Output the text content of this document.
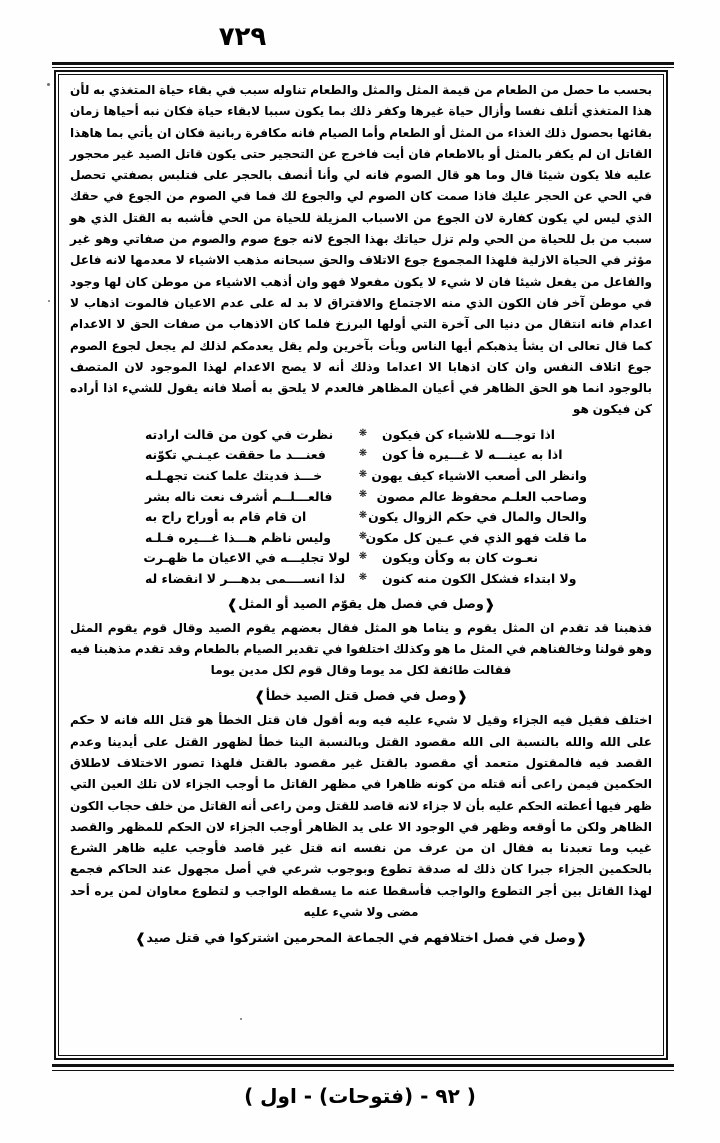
٧٢٩

بحسب ما حصل من الطعام من قيمة المثل والمثل والطعام تناوله سبب في بقاء حياة المتغذي به لأن هذا المتغذي أتلف نفسا وأزال حياة غيرها وكفر ذلك بما يكون سببا لابقاء حياة فكان نبه أحياها زمان بقائها بحصول ذلك الغذاء من المثل أو الطعام وأما الصيام فانه مكافرة ربانية فكان ان يأتي بما هاهذا القاتل ان لم يكفر بالمثل أو بالاطعام فان أيت فاخرج عن التحجير حتى يكون قاتل الصيد غير محجور عليه فلا يكون شيئا قال وما هو قال الصوم فانه لي وأنا أنصف بالحجر على فتلبس بصفتي تحصل في الحي عن الحجر عليك فاذا صمت كان الصوم لي والجوع لك فما في الصوم من الجوع في حقك الذي ليس لي يكون كفارة لان الجوع من الاسباب المزيلة للحياة من الحي فأشبه به القتل الذي هو سبب من بل للحياة من الحي ولم تزل حياتك بهذا الجوع لانه جوع صوم والصوم من صفاتي وهو غير مؤثر في الحياة الازلية فلهذا المجموع جوع الاتلاف والحق سبحانه مذهب الاشياء لا معدمها لانه فاعل والفاعل من يفعل شيئا فان لا شيء لا يكون مفعولا فهو وان أذهب الاشياء من موطن كان لها وجود في موطن آخر فان الكون الذي منه الاجتماع والافتراق لا بد له على عدم الاعيان فالموت اذهاب لا اعدام فانه انتقال من دنيا الى آخرة التي أولها البرزخ فلما كان الاذهاب من صفات الحق لا الاعدام كما قال تعالى ان يشأ يذهبكم أيها الناس ويأت بآخرين ولم يقل يعدمكم لذلك لم يجعل لجوع الصوم جوع اتلاف النفس وان كان اذهابا الا اعداما وذلك أنه لا يصح الاعدام لهذا الموجود لان المتصف بالوجود انما هو الحق الظاهر في أعيان المظاهر فالعدم لا يلحق به أصلا فانه يقول للشيء اذا أراده كن فيكون هو

اذا توجـــه للاشياء كن فيكون
❋
نظرت في كون من قالت ارادته
اذا به عينـــه لا غـــيره فأ كون
❋
فعنـــد ما حققت عيـنـي تكوّنه
وانظر الى أصعب الاشياء كيف يهون
❋
خـــذ فديتك علما كنت تجهـلـه
وصاحب العلـم محفوظ عالم مصون
❋
فالعـــلــم أشرف نعت ناله بشر
والحال والمال في حكم الزوال يكون
❋
ان قام قام به أوراح راح به
ما قلت فهو الذي في عـين كل مكون
❋
وليس ناظم هـــذا غـــيره فـلـه
نعـوت كان به وكأن ويكون
❋
لولا تجليـــه في الاعيان ما ظهـرت
ولا ابتداء فشكل الكون منه كنون
❋
لذا انســــمى بدهـــر لا انقضاء له
❰وصل في فصل هل يقوّم الصيد أو المثل❱

فذهبنا قد تقدم ان المثل يقوم و يناما هو المثل فقال بعضهم يقوم الصيد وقال قوم يقوم المثل وهو قولنا وخالفناهم في المثل ما هو وكذلك اختلفوا في تقدير الصيام بالطعام وقد تقدم مذهبنا فيه فقالت طائفة لكل مد يوما وقال قوم لكل مدين يوما

❰وصل في فصل قتل الصيد خطأ❱

اختلف فقيل فيه الجزاء وقيل لا شيء عليه فيه وبه أقول فان قتل الخطأ هو قتل الله فانه لا حكم على الله والله بالنسبة الى الله مقصود القتل وبالنسبة الينا خطأ لظهور القتل على أيدينا وعدم القصد فيه فالمقتول متعمد أي مقصود بالقتل غير مقصود بالقتل فلهذا تصور الاختلاف لاطلاق الحكمين فيمن راعى أنه قتله من كونه ظاهرا في مظهر القاتل ما أوجب الجزاء لان تلك العين التي ظهر فيها أعطته الحكم عليه بأن لا جزاء لانه قاصد للقتل ومن راعى أنه القاتل من خلف حجاب الكون الظاهر ولكن ما أوقعه وظهر في الوجود الا على يد الظاهر أوجب الجزاء لان الحكم للمظهر والقصد غيب وما تعبدنا به فقال ان من عرف من نفسه انه قتل غير قاصد فأوجب عليه ظاهر الشرع بالحكمين الجزاء جبرا كان ذلك له صدقة تطوع وبوجوب شرعي في أصل مجهول عند الحاكم فجمع لهذا القاتل بين أجر التطوع والواجب فأسقطا عنه ما يسقطه الواجب و لتطوع معاوان لمن يره أحد مضى ولا شيء عليه

❰وصل في فصل اختلافهم في الجماعة المحرمين اشتركوا في قتل صيد❱
( ٩٢ - (فتوحات) - اول )
